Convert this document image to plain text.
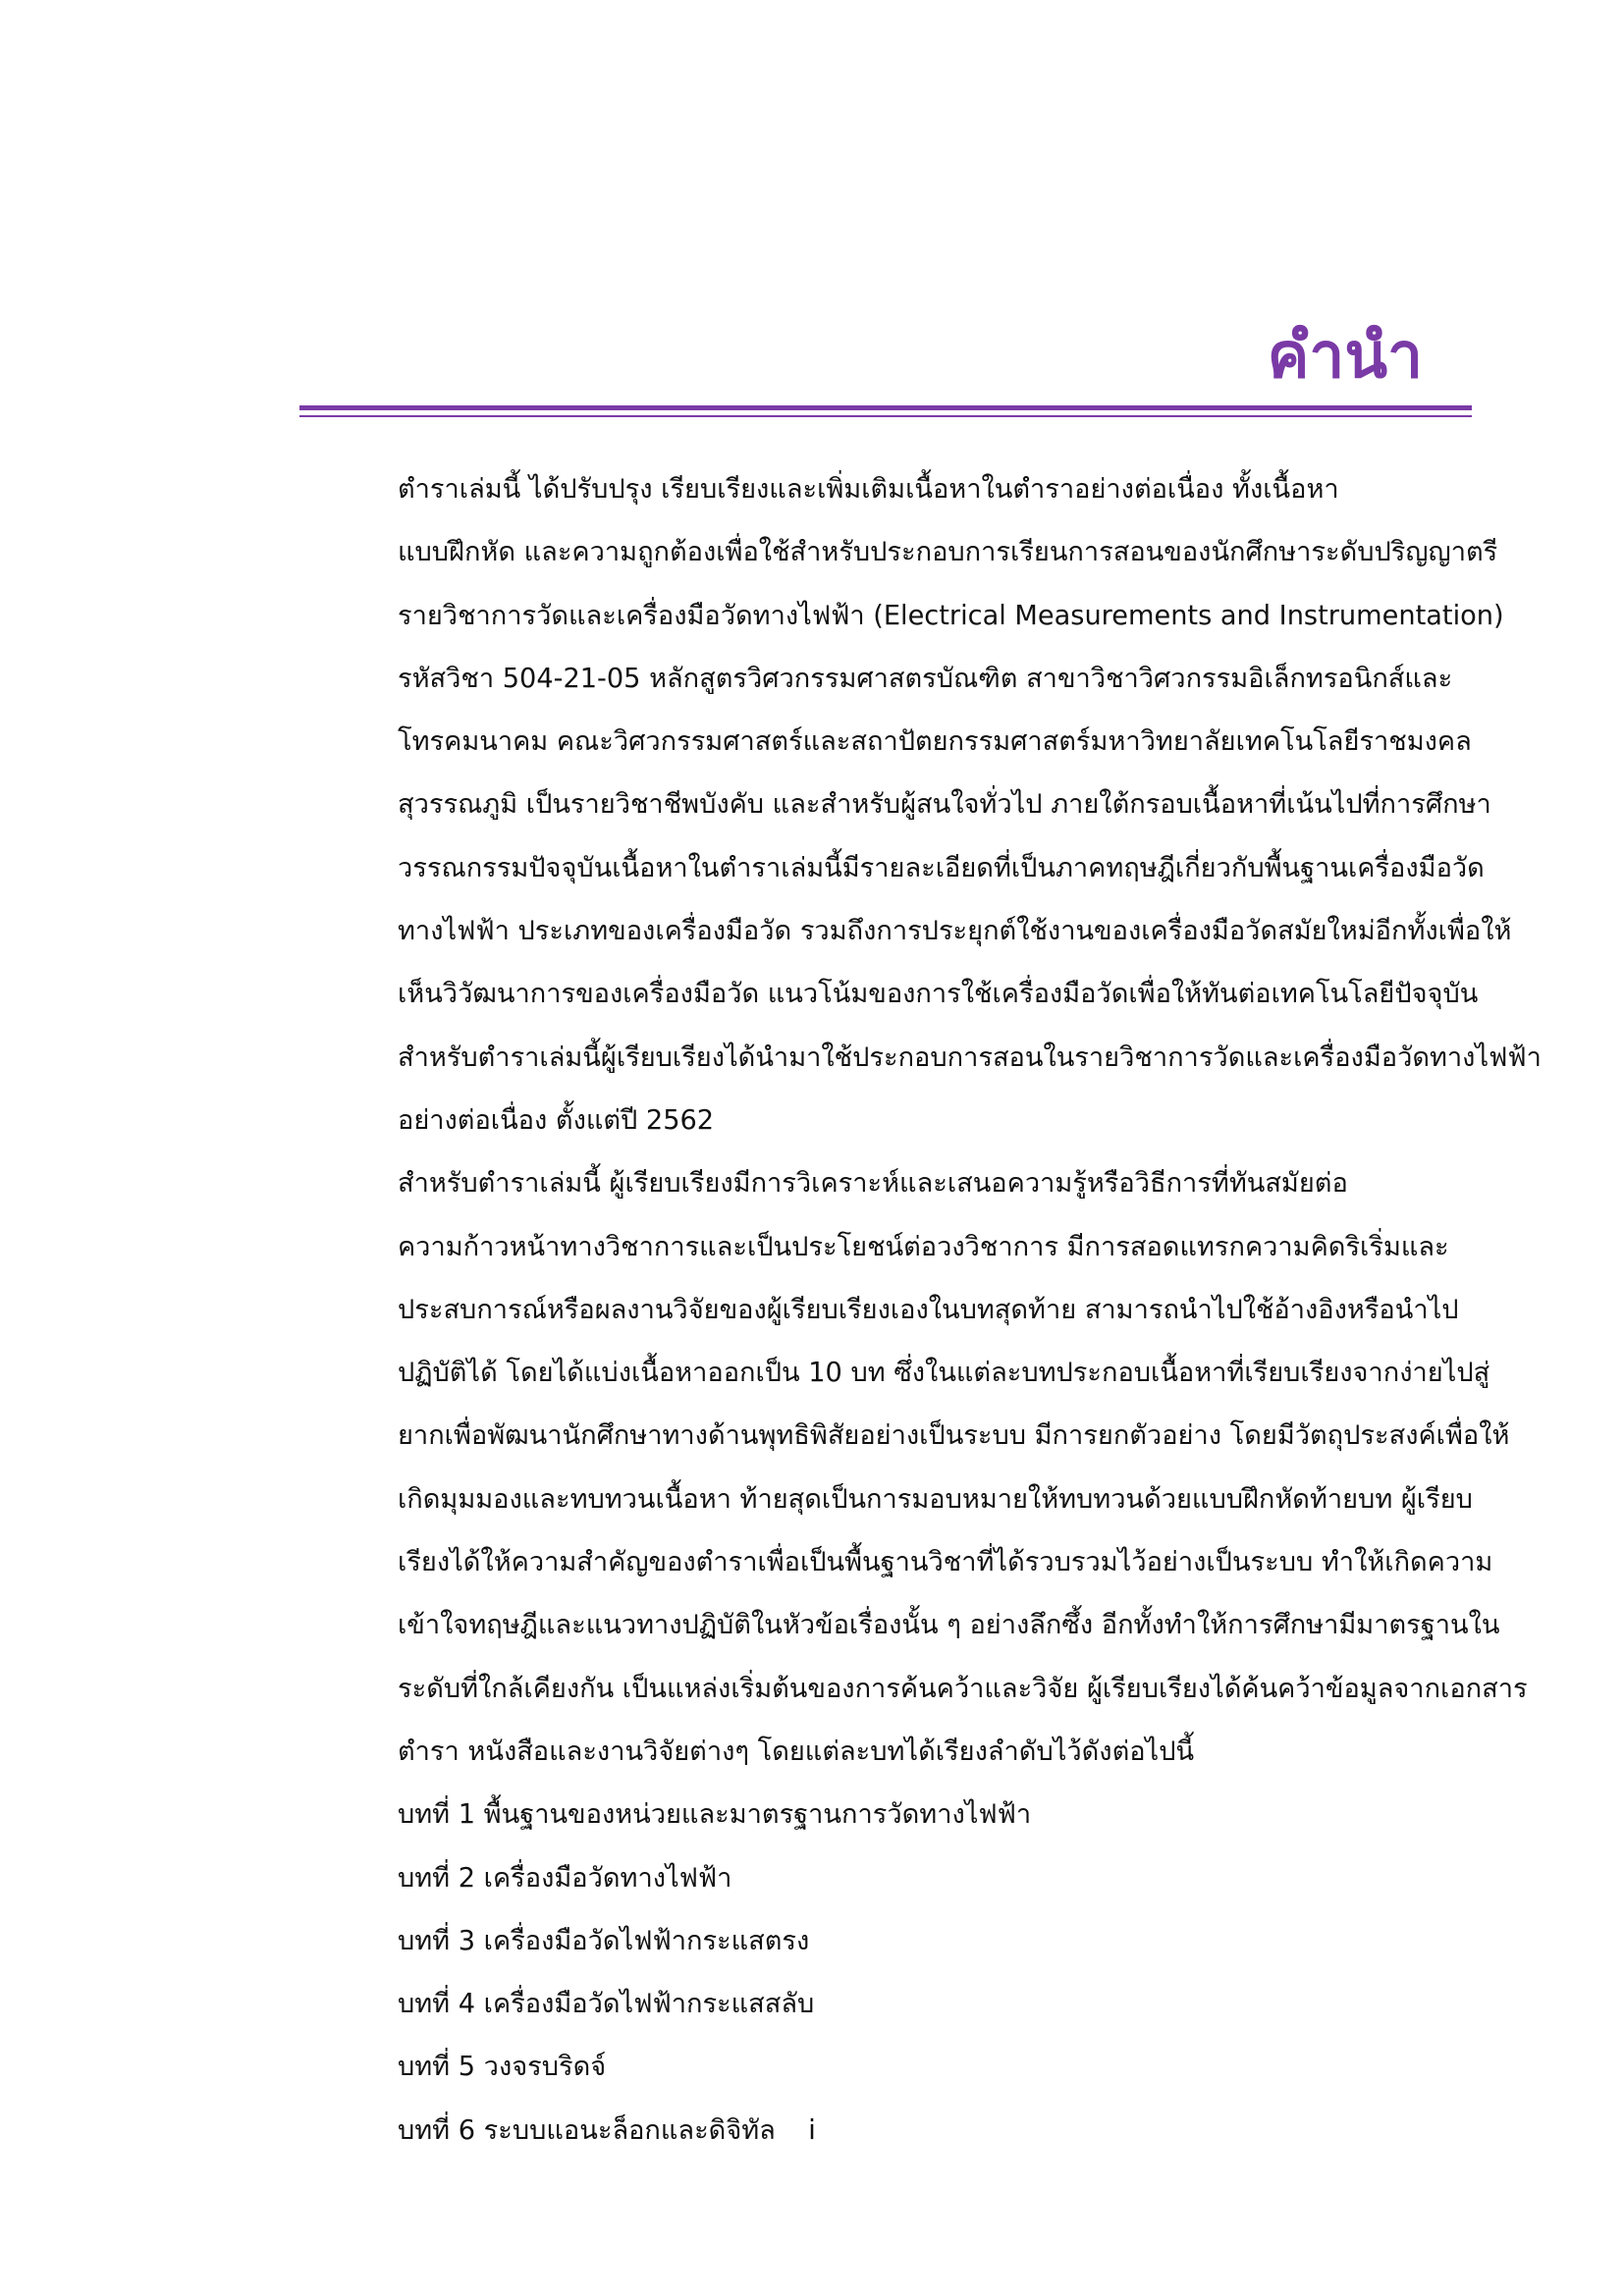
คำนำ

ตำราเล่มนี้ ได้ปรับปรุง เรียบเรียงและเพิ่มเติมเนื้อหาในตำราอย่างต่อเนื่อง ทั้งเนื้อหา
แบบฝึกหัด และความถูกต้องเพื่อใช้สำหรับประกอบการเรียนการสอนของนักศึกษาระดับปริญญาตรี
รายวิชาการวัดและเครื่องมือวัดทางไฟฟ้า (Electrical Measurements and Instrumentation)
รหัสวิชา 504-21-05 หลักสูตรวิศวกรรมศาสตรบัณฑิต สาขาวิชาวิศวกรรมอิเล็กทรอนิกส์และ
โทรคมนาคม คณะวิศวกรรมศาสตร์และสถาปัตยกรรมศาสตร์มหาวิทยาลัยเทคโนโลยีราชมงคล
สุวรรณภูมิ เป็นรายวิชาชีพบังคับ และสำหรับผู้สนใจทั่วไป ภายใต้กรอบเนื้อหาที่เน้นไปที่การศึกษา
วรรณกรรมปัจจุบันเนื้อหาในตำราเล่มนี้มีรายละเอียดที่เป็นภาคทฤษฎีเกี่ยวกับพื้นฐานเครื่องมือวัด
ทางไฟฟ้า ประเภทของเครื่องมือวัด รวมถึงการประยุกต์ใช้งานของเครื่องมือวัดสมัยใหม่อีกทั้งเพื่อให้
เห็นวิวัฒนาการของเครื่องมือวัด แนวโน้มของการใช้เครื่องมือวัดเพื่อให้ทันต่อเทคโนโลยีปัจจุบัน
สำหรับตำราเล่มนี้ผู้เรียบเรียงได้นำมาใช้ประกอบการสอนในรายวิชาการวัดและเครื่องมือวัดทางไฟฟ้า
อย่างต่อเนื่อง ตั้งแต่ปี 2562

สำหรับตำราเล่มนี้ ผู้เรียบเรียงมีการวิเคราะห์และเสนอความรู้หรือวิธีการที่ทันสมัยต่อ
ความก้าวหน้าทางวิชาการและเป็นประโยชน์ต่อวงวิชาการ มีการสอดแทรกความคิดริเริ่มและ
ประสบการณ์หรือผลงานวิจัยของผู้เรียบเรียงเองในบทสุดท้าย สามารถนำไปใช้อ้างอิงหรือนำไป
ปฏิบัติได้ โดยได้แบ่งเนื้อหาออกเป็น 10 บท ซึ่งในแต่ละบทประกอบเนื้อหาที่เรียบเรียงจากง่ายไปสู่
ยากเพื่อพัฒนานักศึกษาทางด้านพุทธิพิสัยอย่างเป็นระบบ มีการยกตัวอย่าง โดยมีวัตถุประสงค์เพื่อให้
เกิดมุมมองและทบทวนเนื้อหา ท้ายสุดเป็นการมอบหมายให้ทบทวนด้วยแบบฝึกหัดท้ายบท ผู้เรียบ
เรียงได้ให้ความสำคัญของตำราเพื่อเป็นพื้นฐานวิชาที่ได้รวบรวมไว้อย่างเป็นระบบ ทำให้เกิดความ
เข้าใจทฤษฎีและแนวทางปฏิบัติในหัวข้อเรื่องนั้น ๆ อย่างลึกซึ้ง อีกทั้งทำให้การศึกษามีมาตรฐานใน
ระดับที่ใกล้เคียงกัน เป็นแหล่งเริ่มต้นของการค้นคว้าและวิจัย ผู้เรียบเรียงได้ค้นคว้าข้อมูลจากเอกสาร
ตำรา หนังสือและงานวิจัยต่างๆ โดยแต่ละบทได้เรียงลำดับไว้ดังต่อไปนี้

บทที่ 1 พื้นฐานของหน่วยและมาตรฐานการวัดทางไฟฟ้า
บทที่ 2 เครื่องมือวัดทางไฟฟ้า
บทที่ 3 เครื่องมือวัดไฟฟ้ากระแสตรง
บทที่ 4 เครื่องมือวัดไฟฟ้ากระแสสลับ
บทที่ 5 วงจรบริดจ์
บทที่ 6 ระบบแอนะล็อกและดิจิทัล	i
